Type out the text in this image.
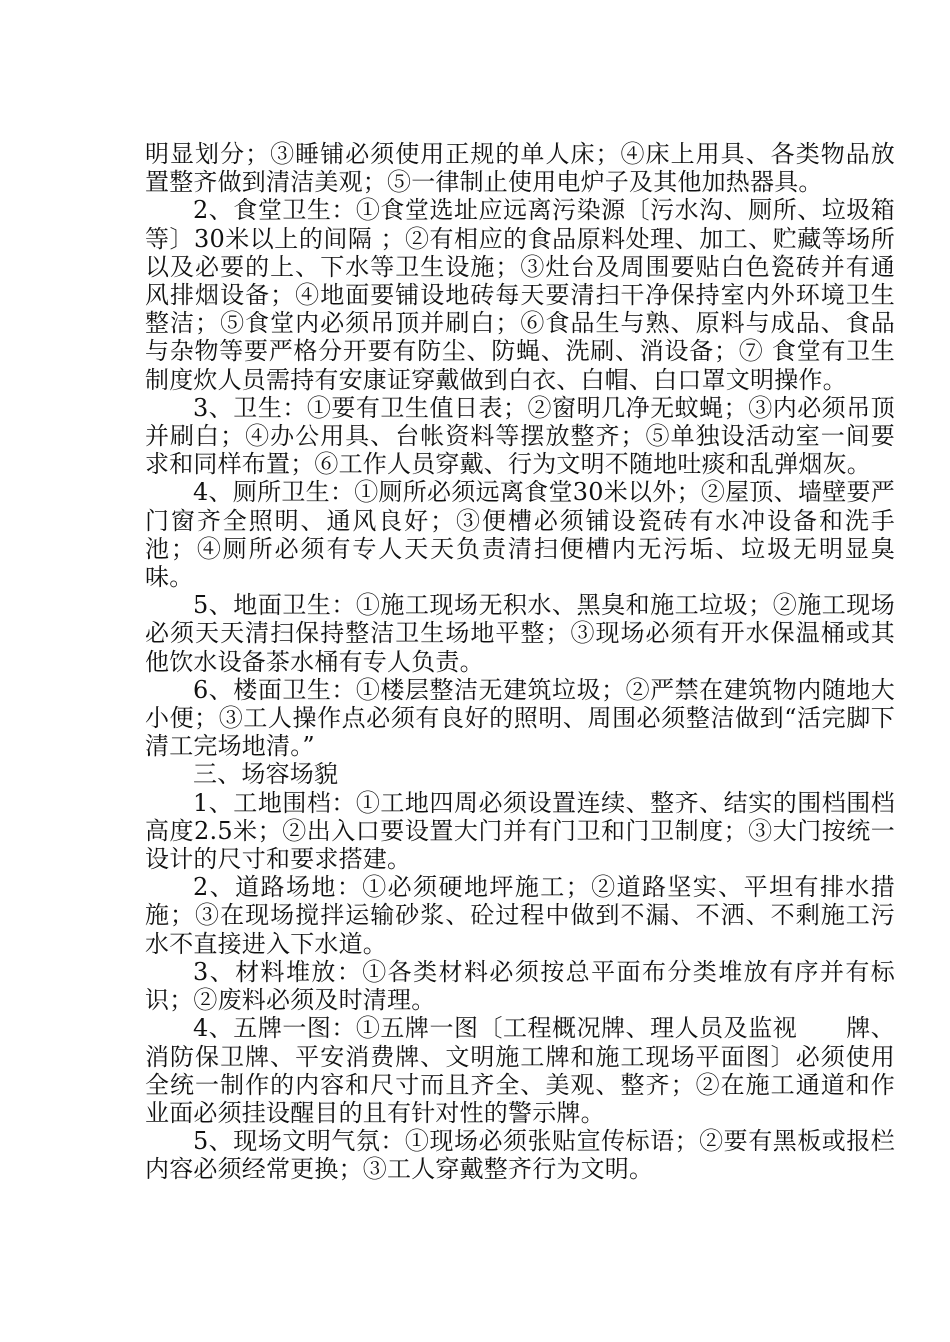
明显划分；③睡铺必须使用正规的单人床；④床上用具、各类物品放置整齐做到清洁美观；⑤一律制止使用电炉子及其他加热器具。

2、食堂卫生：①食堂选址应远离污染源〔污水沟、厕所、垃圾箱等〕30米以上的间隔 ；②有相应的食品原料处理、加工、贮藏等场所以及必要的上、下水等卫生设施；③灶台及周围要贴白色瓷砖并有通风排烟设备；④地面要铺设地砖每天要清扫干净保持室内外环境卫生整洁；⑤食堂内必须吊顶并刷白；⑥食品生与熟、原料与成品、食品与杂物等要严格分开要有防尘、防蝇、洗刷、消设备；⑦ 食堂有卫生制度炊人员需持有安康证穿戴做到白衣、白帽、白口罩文明操作。

3、卫生：①要有卫生值日表；②窗明几净无蚊蝇；③内必须吊顶并刷白；④办公用具、台帐资料等摆放整齐；⑤单独设活动室一间要求和同样布置；⑥工作人员穿戴、行为文明不随地吐痰和乱弹烟灰。

4、厕所卫生：①厕所必须远离食堂30米以外；②屋顶、墙壁要严门窗齐全照明、通风良好；③便槽必须铺设瓷砖有水冲设备和洗手池；④厕所必须有专人天天负责清扫便槽内无污垢、垃圾无明显臭味。

5、地面卫生：①施工现场无积水、黑臭和施工垃圾；②施工现场必须天天清扫保持整洁卫生场地平整；③现场必须有开水保温桶或其他饮水设备茶水桶有专人负责。

6、楼面卫生：①楼层整洁无建筑垃圾；②严禁在建筑物内随地大小便；③工人操作点必须有良好的照明、周围必须整洁做到“活完脚下清工完场地清。”

三、场容场貌

1、工地围档：①工地四周必须设置连续、整齐、结实的围档围档高度2.5米；②出入口要设置大门并有门卫和门卫制度；③大门按统一设计的尺寸和要求搭建。

2、道路场地：①必须硬地坪施工；②道路坚实、平坦有排水措施；③在现场搅拌运输砂浆、砼过程中做到不漏、不洒、不剩施工污水不直接进入下水道。

3、材料堆放：①各类材料必须按总平面布分类堆放有序并有标识；②废料必须及时清理。

4、五牌一图：①五牌一图〔工程概况牌、理人员及监视　　牌、消防保卫牌、平安消费牌、文明施工牌和施工现场平面图〕必须使用全统一制作的内容和尺寸而且齐全、美观、整齐；②在施工通道和作业面必须挂设醒目的且有针对性的警示牌。

5、现场文明气氛：①现场必须张贴宣传标语；②要有黑板或报栏内容必须经常更换；③工人穿戴整齐行为文明。
